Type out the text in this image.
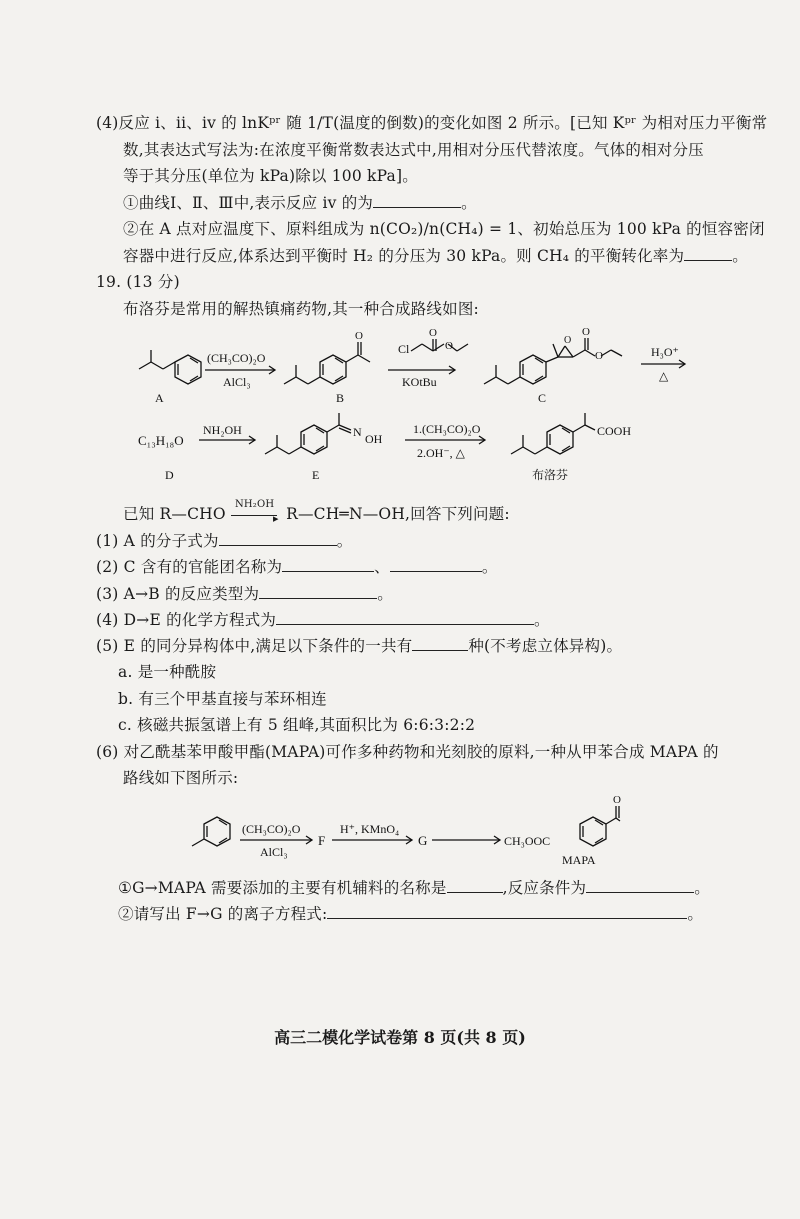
(4)反应 i、ii、iv 的 lnKᵖʳ 随 1/T(温度的倒数)的变化如图 2 所示。[已知 Kᵖʳ 为相对压力平衡常
数,其表达式写法为:在浓度平衡常数表达式中,用相对分压代替浓度。气体的相对分压
等于其分压(单位为 kPa)除以 100 kPa]。
①曲线Ⅰ、Ⅱ、Ⅲ中,表示反应 iv 的为	。
②在 A 点对应温度下、原料组成为 n(CO₂)/n(CH₄) = 1、初始总压为 100 kPa 的恒容密闭
容器中进行反应,体系达到平衡时 H₂ 的分压为 30 kPa。则 CH₄ 的平衡转化率为	。
19. (13 分)
布洛芬是常用的解热镇痛药物,其一种合成路线如图:
(CH₃CO)₂O
AlCl₃
Cl	O
O
KOtBu
O	O
O
O	H₃O⁺
△
A	B	C
C₁₃H₁₈O
NH₂OH	N OH
1.(CH₃CO)₂O
2.OH⁻, △
COOH
D	E	布洛芬
已知 R—CHO
NH₂OH
▸ R—CH═N—OH,回答下列问题:
(1) A 的分子式为	。
(2) C 含有的官能团名称为	、	。
(3) A→B 的反应类型为	。
(4) D→E 的化学方程式为	。
(5) E 的同分异构体中,满足以下条件的一共有	种(不考虑立体异构)。
a. 是一种酰胺
b. 有三个甲基直接与苯环相连
c. 核磁共振氢谱上有 5 组峰,其面积比为 6:6:3:2:2
(6) 对乙酰基苯甲酸甲酯(MAPA)可作多种药物和光刻胶的原料,一种从甲苯合成 MAPA 的
路线如下图所示:
(CH₃CO)₂O
AlCl₃
F
H⁺, KMnO₄
G	CH₃OOC
O
MAPA
①G→MAPA 需要添加的主要有机辅料的名称是	,反应条件为	。
②请写出 F→G 的离子方程式:	。
高三二模化学试卷第 8 页(共 8 页)
